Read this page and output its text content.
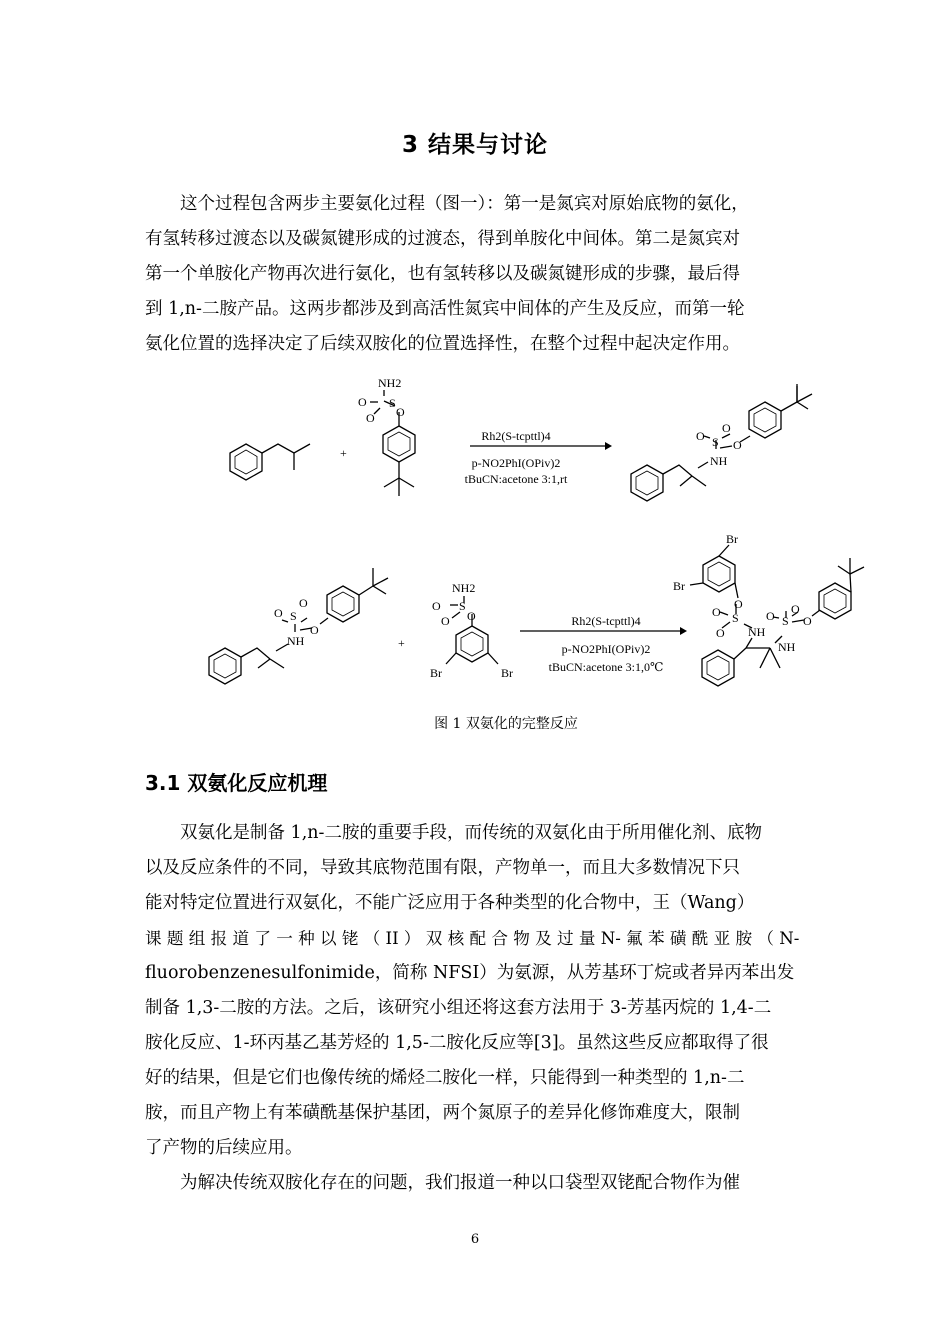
3 结果与讨论

这个过程包含两步主要氨化过程（图一）：第一是氮宾对原始底物的氨化，

有氢转移过渡态以及碳氮键形成的过渡态，得到单胺化中间体。第二是氮宾对

第一个单胺化产物再次进行氨化，也有氢转移以及碳氮键形成的步骤，最后得

到 1,n-二胺产品。这两步都涉及到高活性氮宾中间体的产生及反应，而第一轮

氨化位置的选择决定了后续双胺化的位置选择性，在整个过程中起决定作用。

NH2
S
O
O O
+
NH
S
O
O
O
Rh2(S-tcpttl)4
p-NO2PhI(OPiv)2
tBuCN:acetone 3:1,rt
O
O
S
O
NH	+
NH2
S
O
O O
Br	Br
Br
Br
O
S
O
O NH
O S
O
O
NH
Rh2(S-tcpttl)4
p-NO2PhI(OPiv)2
tBuCN:acetone 3:1,0℃
图 1 双氨化的完整反应
3.1 双氨化反应机理

双氨化是制备 1,n-二胺的重要手段，而传统的双氨化由于所用催化剂、底物

以及反应条件的不同，导致其底物范围有限，产物单一，而且大多数情况下只

能对特定位置进行双氨化，不能广泛应用于各种类型的化合物中，王（Wang）

课 题 组 报 道 了 一 种 以 铑 （ II ） 双 核 配 合 物 及 过 量 N- 氟 苯 磺 酰 亚 胺 （ N-

fluorobenzenesulfonimide，简称 NFSI）为氨源，从芳基环丁烷或者异丙苯出发

制备 1,3-二胺的方法。之后，该研究小组还将这套方法用于 3-芳基丙烷的 1,4-二

胺化反应、1-环丙基乙基芳烃的 1,5-二胺化反应等[3]。虽然这些反应都取得了很

好的结果，但是它们也像传统的烯烃二胺化一样，只能得到一种类型的 1,n-二

胺，而且产物上有苯磺酰基保护基团，两个氮原子的差异化修饰难度大，限制

了产物的后续应用。

为解决传统双胺化存在的问题，我们报道一种以口袋型双铑配合物作为催

6
